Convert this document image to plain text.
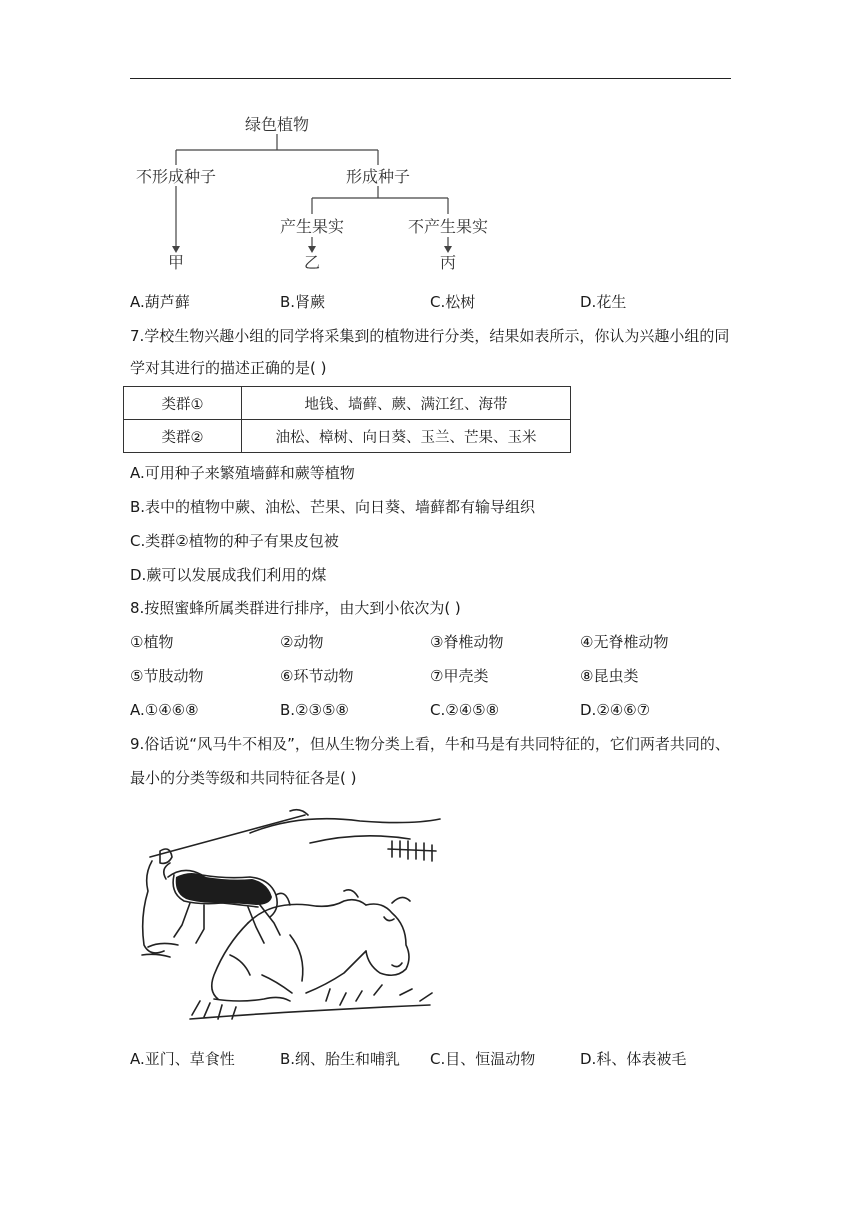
绿色植物
不形成种子	形成种子
产生果实	不产生果实
甲	乙	丙
A.葫芦藓	B.肾蕨	C.松树	D.花生
7.学校生物兴趣小组的同学将采集到的植物进行分类，结果如表所示，你认为兴趣小组的同
学对其进行的描述正确的是( )
类群①	地钱、墙藓、蕨、满江红、海带
类群②	油松、樟树、向日葵、玉兰、芒果、玉米
A.可用种子来繁殖墙藓和蕨等植物
B.表中的植物中蕨、油松、芒果、向日葵、墙藓都有输导组织
C.类群②植物的种子有果皮包被
D.蕨可以发展成我们利用的煤
8.按照蜜蜂所属类群进行排序，由大到小依次为( )
①植物	②动物	③脊椎动物	④无脊椎动物
⑤节肢动物	⑥环节动物	⑦甲壳类	⑧昆虫类
A.①④⑥⑧	B.②③⑤⑧	C.②④⑤⑧	D.②④⑥⑦
9.俗话说“风马牛不相及”，但从生物分类上看，牛和马是有共同特征的，它们两者共同的、
最小的分类等级和共同特征各是( )
A.亚门、草食性	B.纲、胎生和哺乳 C.目、恒温动物	D.科、体表被毛
